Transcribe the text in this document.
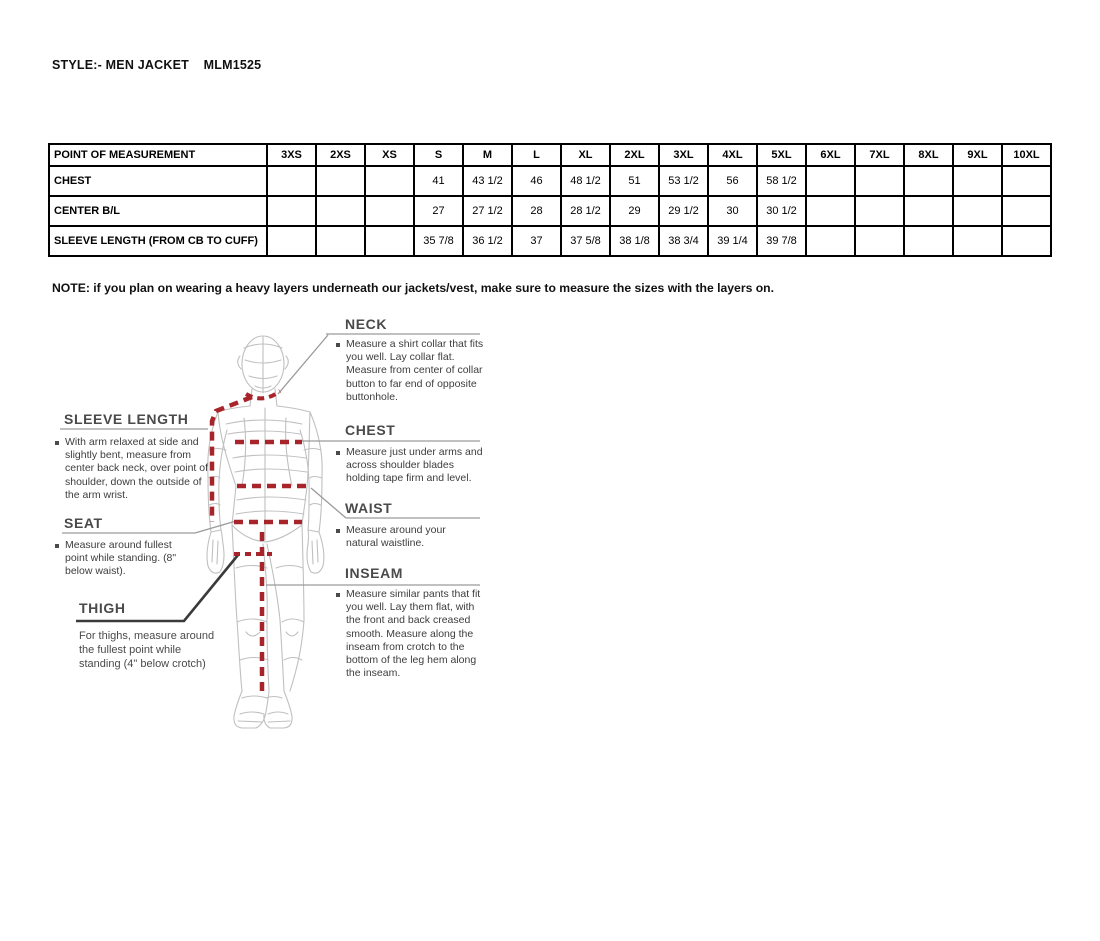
STYLE:- MEN JACKET    MLM1525
POINT OF MEASUREMENT	3XS	2XS	XS	S	M	L	XL	2XL	3XL	4XL	5XL	6XL	7XL	8XL	9XL	10XL
CHEST				41	43 1/2	46	48 1/2	51	53 1/2	56	58 1/2					
CENTER B/L				27	27 1/2	28	28 1/2	29	29 1/2	30	30 1/2					
SLEEVE LENGTH (FROM CB TO CUFF)				35 7/8	36 1/2	37	37 5/8	38 1/8	38 3/4	39 1/4	39 7/8					
NOTE: if you plan on wearing a heavy layers underneath our jackets/vest, make sure to measure the sizes with the layers on.
NECK
CHEST
WAIST
INSEAM
SLEEVE LENGTH
SEAT
THIGH
Measure a shirt collar that fits you well. Lay collar flat. Measure from center of collar button to far end of opposite buttonhole.
Measure just under arms and across shoulder blades holding tape firm and level.
Measure around your natural waistline.
Measure similar pants that fit you well. Lay them flat, with the front and back creased smooth. Measure along the inseam from crotch to the bottom of the leg hem along the inseam.
With arm relaxed at side and slightly bent, measure from center back neck, over point of shoulder, down the outside of the arm wrist.
Measure around fullest point while standing. (8" below waist).
For thighs, measure around the fullest point while standing (4" below crotch)
